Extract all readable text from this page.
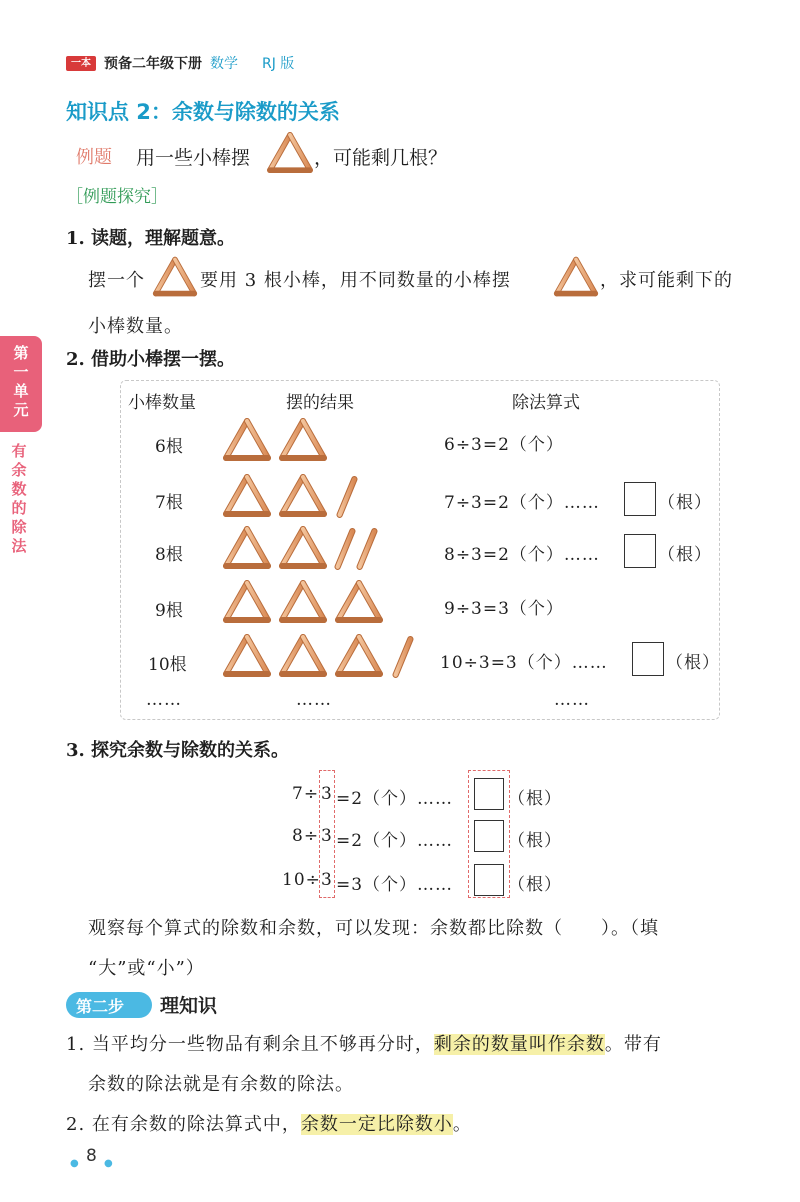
一本 预备二年级下册 数学 RJ 版
知识点 2：余数与除数的关系
例题 用一些小棒摆	，可能剩几根？
［例题探究］
1. 读题，理解题意。
摆一个	要用 3 根小棒，用不同数量的小棒摆	，求可能剩下的
小棒数量。
第一单元
有余数的除法
2. 借助小棒摆一摆。
小棒数量	摆的结果	除法算式
6根	6÷3=2（个）
7根	7÷3=2（个）……	（根）
8根	8÷3=2（个）……	（根）
9根	9÷3=3（个）
10根	10÷3=3（个）……	（根）
……	……	……
3. 探究余数与除数的关系。
7÷ 3 =2（个）……	（根）
8÷ 3 =2（个）……	（根）
10÷ 3 =3（个）……	（根）
观察每个算式的除数和余数，可以发现：余数都比除数（　　）。（填
“大”或“小”）
第二步 理知识
1. 当平均分一些物品有剩余且不够再分时，剩余的数量叫作余数。带有
余数的除法就是有余数的除法。
2. 在有余数的除法算式中，余数一定比除数小。
● 8 ●
